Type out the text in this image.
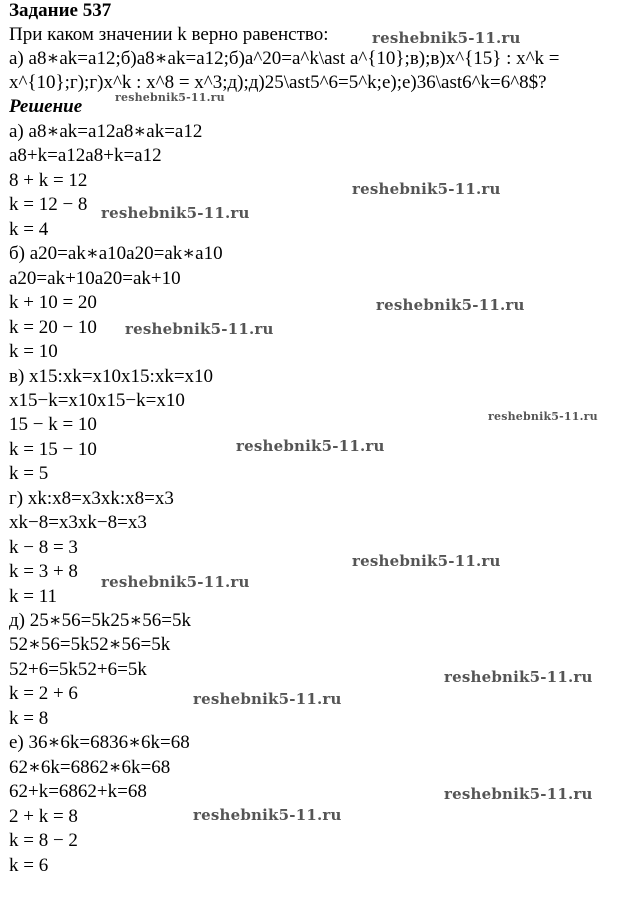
Задание 537
При каком значении k верно равенство:
а) a8∗ak=a12;б)a8∗ak=a12;б)a^20=a^k\ast a^{10};в);в)x^{15} : x^k =
x^{10};г);г)x^k : x^8 = x^3;д);д)25\ast5^6=5^k;е);е)36\ast6^k=6^8$?
Решение
а) a8∗ak=a12a8∗ak=a12
a8+k=a12a8+k=a12
8 + k = 12
k = 12 − 8
k = 4
б) a20=ak∗a10a20=ak∗a10
a20=ak+10a20=ak+10
k + 10 = 20
k = 20 − 10
k = 10
в) x15:xk=x10x15:xk=x10
x15−k=x10x15−k=x10
15 − k = 10
k = 15 − 10
k = 5
г) xk:x8=x3xk:x8=x3
xk−8=x3xk−8=x3
k − 8 = 3
k = 3 + 8
k = 11
д) 25∗56=5k25∗56=5k
52∗56=5k52∗56=5k
52+6=5k52+6=5k
k = 2 + 6
k = 8
е) 36∗6k=6836∗6k=68
62∗6k=6862∗6k=68
62+k=6862+k=68
2 + k = 8
k = 8 − 2
k = 6
reshebnik5-11.ru
reshebnik5-11.ru
reshebnik5-11.ru
reshebnik5-11.ru
reshebnik5-11.ru
reshebnik5-11.ru
reshebnik5-11.ru
reshebnik5-11.ru
reshebnik5-11.ru
reshebnik5-11.ru
reshebnik5-11.ru
reshebnik5-11.ru
reshebnik5-11.ru
reshebnik5-11.ru
